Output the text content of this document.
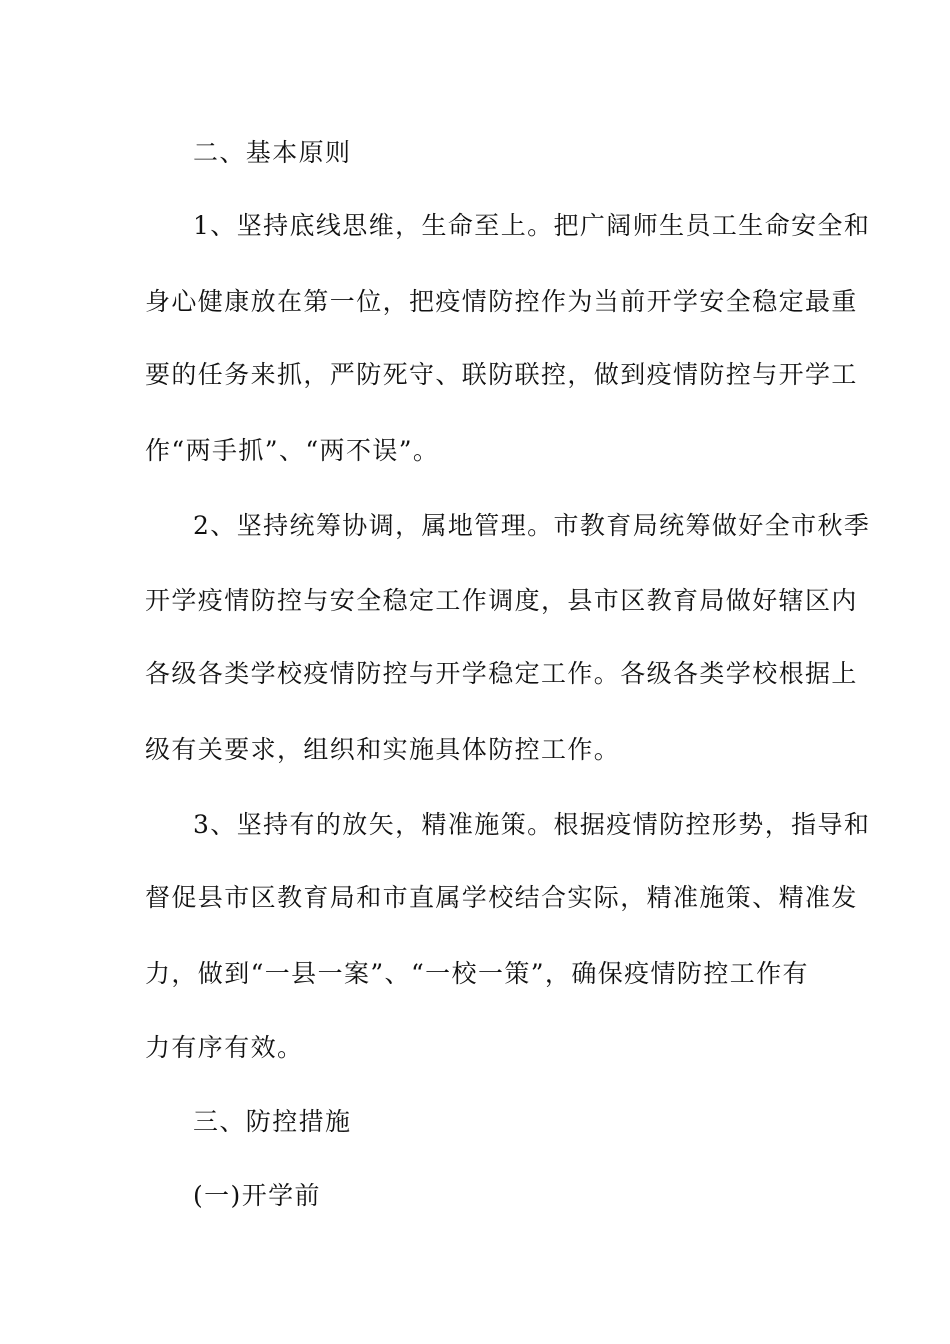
二、基本原则
1、坚持底线思维，生命至上。把广阔师生员工生命安全和
身心健康放在第一位，把疫情防控作为当前开学安全稳定最重
要的任务来抓，严防死守、联防联控，做到疫情防控与开学工
作“两手抓”、“两不误”。
2、坚持统筹协调，属地管理。市教育局统筹做好全市秋季
开学疫情防控与安全稳定工作调度，县市区教育局做好辖区内
各级各类学校疫情防控与开学稳定工作。各级各类学校根据上
级有关要求，组织和实施具体防控工作。
3、坚持有的放矢，精准施策。根据疫情防控形势，指导和
督促县市区教育局和市直属学校结合实际，精准施策、精准发
力，做到“一县一案”、“一校一策”，确保疫情防控工作有
力有序有效。
三、防控措施
(一)开学前
